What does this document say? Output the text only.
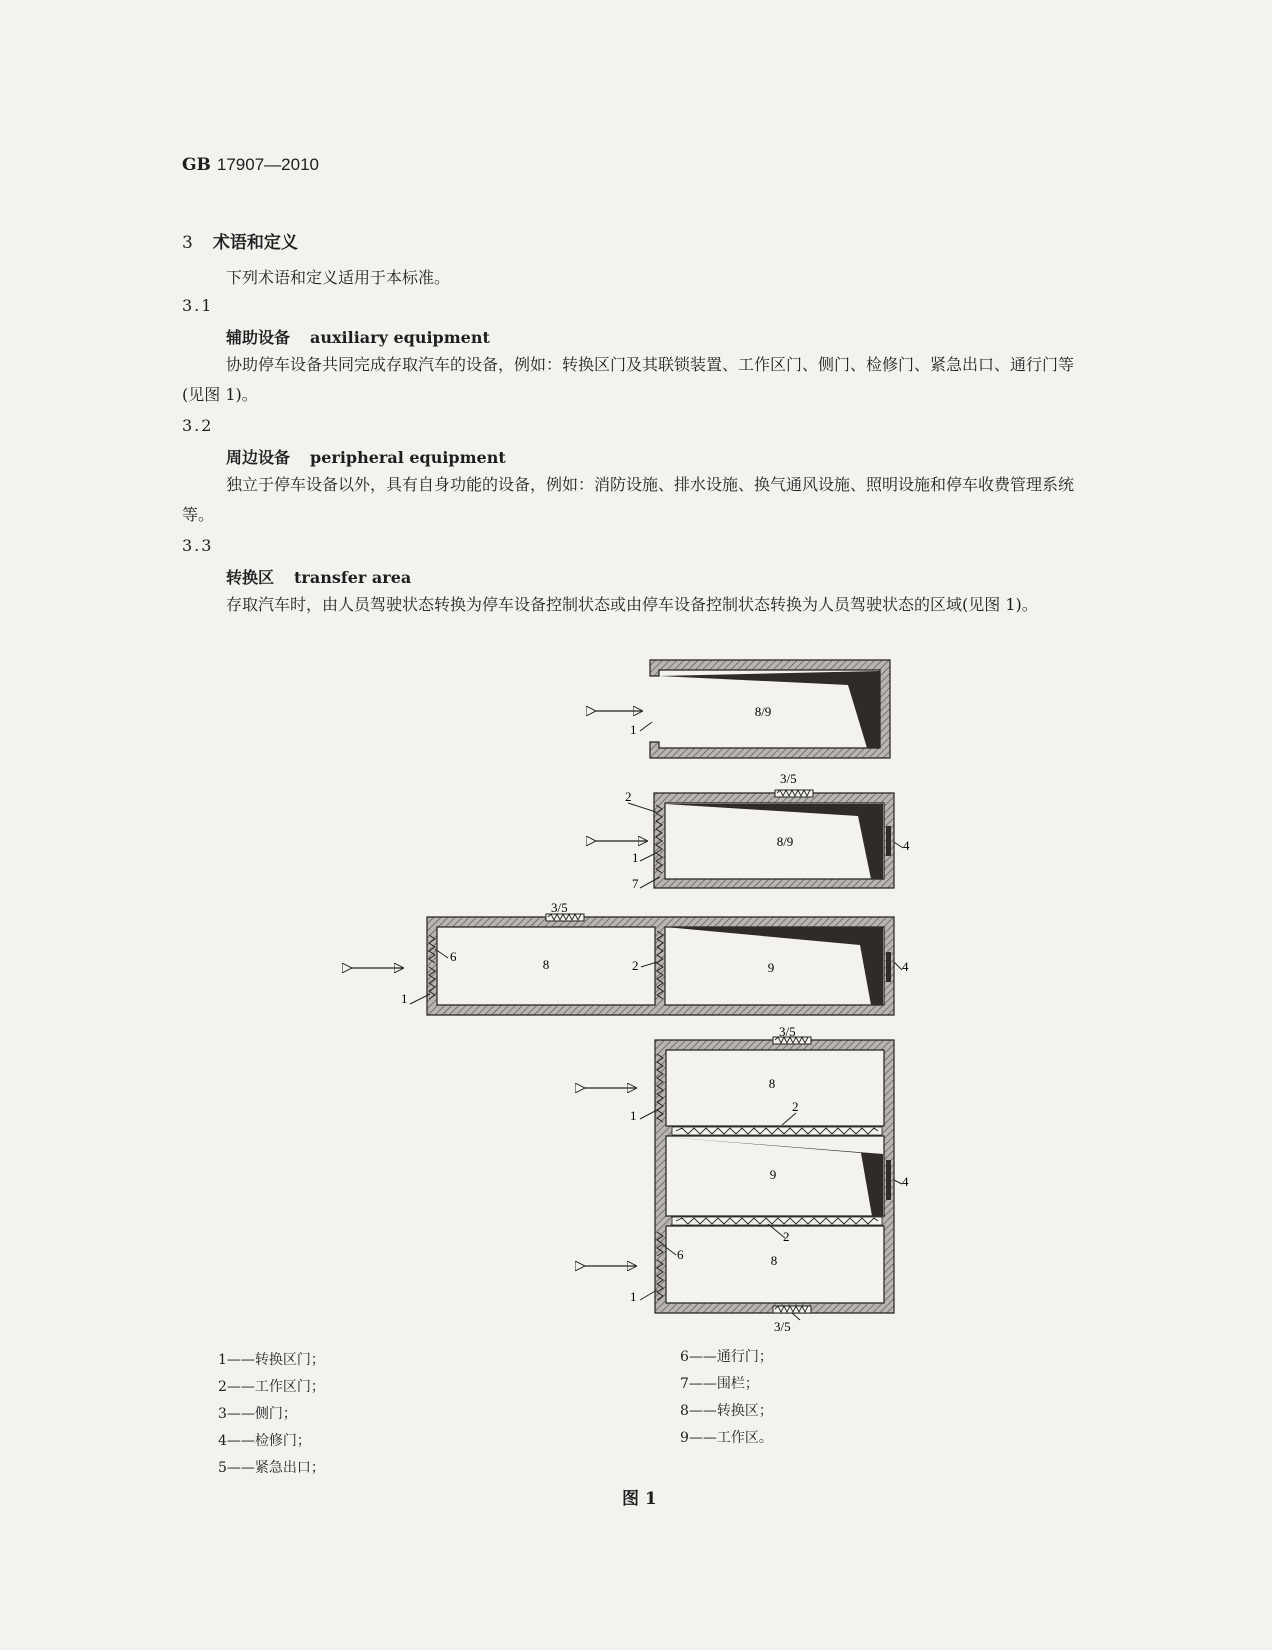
GB 17907—2010
3 术语和定义
下列术语和定义适用于本标准。
3.1
辅助设备 auxiliary equipment
协助停车设备共同完成存取汽车的设备，例如：转换区门及其联锁装置、工作区门、侧门、检修门、紧急出口、通行门等(见图 1)。
3.2
周边设备 peripheral equipment
独立于停车设备以外，具有自身功能的设备，例如：消防设施、排水设施、换气通风设施、照明设施和停车收费管理系统等。
3.3
转换区 transfer area
存取汽车时，由人员驾驶状态转换为停车设备控制状态或由停车设备控制状态转换为人员驾驶状态的区域(见图 1)。
8/9
1
3/5
2
1
7
8/9	4
3/5
6
1
8	2	9	4
3/5
8
1
2
9	4
2
6	8
1
3/5
1——转换区门；
2——工作区门；
3——侧门；
4——检修门；
5——紧急出口；
6——通行门；
7——围栏；
8——转换区；
9——工作区。
图 1
